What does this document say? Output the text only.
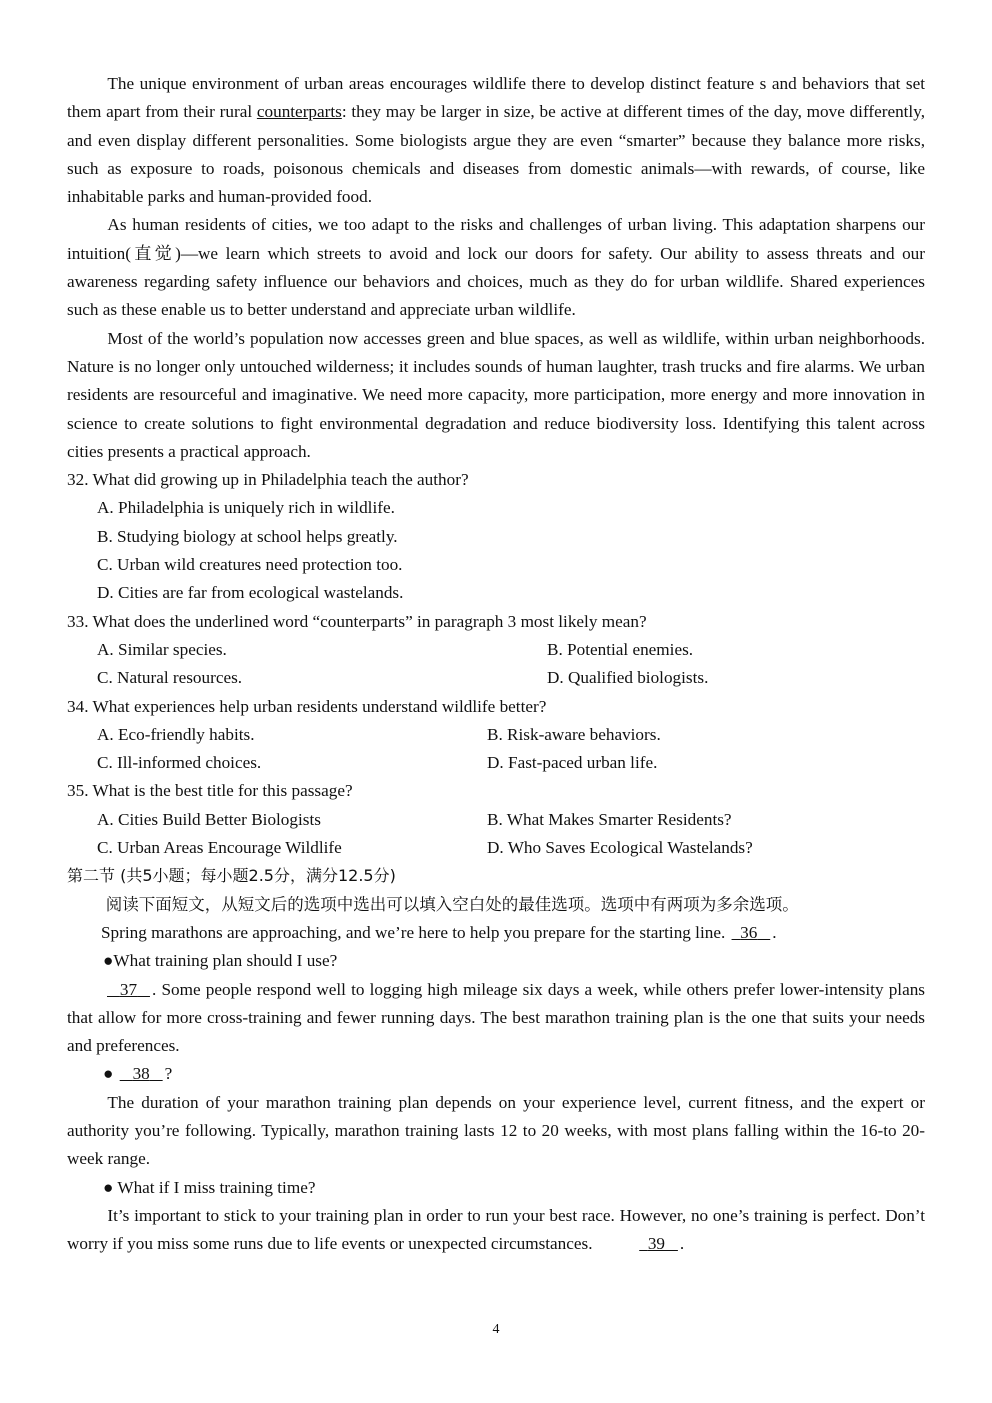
The unique environment of urban areas encourages wildlife there to develop distinct feature s and behaviors that set them apart from their rural counterparts: they may be larger in size, be active at different times of the day, move differently, and even display different personalities. Some biologists argue they are even “smarter” because they balance more risks, such as exposure to roads, poisonous chemicals and diseases from domestic animals—with rewards, of course, like inhabitable parks and human-provided food.

As human residents of cities, we too adapt to the risks and challenges of urban living. This adaptation sharpens our intuition(直觉)—we learn which streets to avoid and lock our doors for safety. Our ability to assess threats and our awareness regarding safety influence our behaviors and choices, much as they do for urban wildlife. Shared experiences such as these enable us to better understand and appreciate urban wildlife.

Most of the world’s population now accesses green and blue spaces, as well as wildlife, within urban neighborhoods. Nature is no longer only untouched wilderness; it includes sounds of human laughter, trash trucks and fire alarms. We urban residents are resourceful and imaginative. We need more capacity, more participation, more energy and more innovation in science to create solutions to fight environmental degradation and reduce biodiversity loss. Identifying this talent across cities presents a practical approach.

32. What did growing up in Philadelphia teach the author?

A. Philadelphia is uniquely rich in wildlife.

B. Studying biology at school helps greatly.

C. Urban wild creatures need protection too.

D. Cities are far from ecological wastelands.

33. What does the underlined word “counterparts” in paragraph 3 most likely mean?

A. Similar species.	B. Potential enemies.
C. Natural resources.	D. Qualified biologists.

34. What experiences help urban residents understand wildlife better?

A. Eco-friendly habits.	B. Risk-aware behaviors.
C. Ill-informed choices.	D. Fast-paced urban life.

35. What is the best title for this passage?

A. Cities Build Better Biologists	B. What Makes Smarter Residents?
C. Urban Areas Encourage Wildlife	D. Who Saves Ecological Wastelands?

第二节 (共5小题；每小题2.5分，满分12.5分)

阅读下面短文，从短文后的选项中选出可以填入空白处的最佳选项。选项中有两项为多余选项。

Spring marathons are approaching, and we’re here to help you prepare for the starting line. 36 .

●What training plan should I use?

37 . Some people respond well to logging high mileage six days a week, while others prefer lower-intensity plans that allow for more cross-training and fewer running days. The best marathon training plan is the one that suits your needs and preferences.

● 38 ?

The duration of your marathon training plan depends on your experience level, current fitness, and the expert or authority you’re following. Typically, marathon training lasts 12 to 20 weeks, with most plans falling within the 16-to 20-week range.

● What if I miss training time?

It’s important to stick to your training plan in order to run your best race. However, no one’s training is perfect. Don’t worry if you miss some runs due to life events or unexpected circumstances.	39 .

4
